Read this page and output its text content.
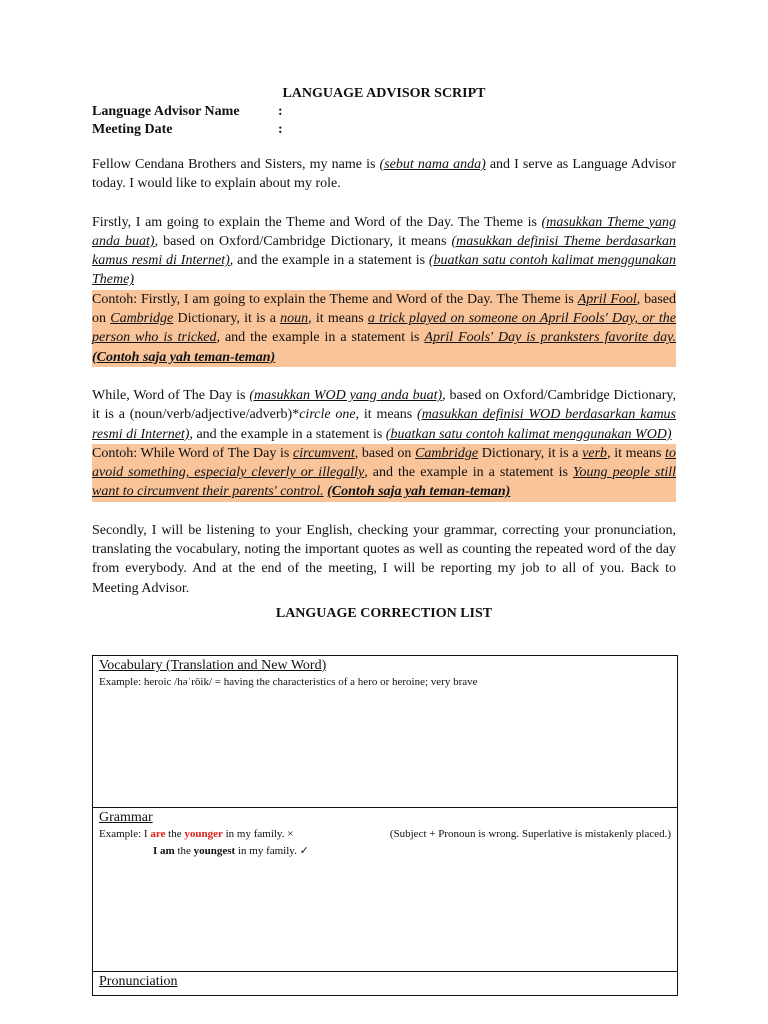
LANGUAGE ADVISOR SCRIPT
Language Advisor Name	:
Meeting Date	:

Fellow Cendana Brothers and Sisters, my name is (sebut nama anda) and I serve as Language Advisor today. I would like to explain about my role.

Firstly, I am going to explain the Theme and Word of the Day. The Theme is (masukkan Theme yang anda buat), based on Oxford/Cambridge Dictionary, it means (masukkan definisi Theme berdasarkan kamus resmi di Internet), and the example in a statement is (buatkan satu contoh kalimat menggunakan Theme)

Contoh: Firstly, I am going to explain the Theme and Word of the Day. The Theme is April Fool, based on Cambridge Dictionary, it is a noun, it means a trick played on someone on April Fools' Day, or the person who is tricked, and the example in a statement is April Fools' Day is pranksters favorite day. (Contoh saja yah teman-teman)

While, Word of The Day is (masukkan WOD yang anda buat), based on Oxford/Cambridge Dictionary, it is a (noun/verb/adjective/adverb)*circle one, it means (masukkan definisi WOD berdasarkan kamus resmi di Internet), and the example in a statement is (buatkan satu contoh kalimat menggunakan WOD)

Contoh: While Word of The Day is circumvent, based on Cambridge Dictionary, it is a verb, it means to avoid something, especialy cleverly or illegally, and the example in a statement is Young people still want to circumvent their parents' control. (Contoh saja yah teman-teman)

Secondly, I will be listening to your English, checking your grammar, correcting your pronunciation, translating the vocabulary, noting the important quotes as well as counting the repeated word of the day from everybody. And at the end of the meeting, I will be reporting my job to all of you. Back to Meeting Advisor.

LANGUAGE CORRECTION LIST
Vocabulary (Translation and New Word)
Example: heroic /həˈrōik/ = having the characteristics of a hero or heroine; very brave
Grammar
Example: I are the younger in my family. ×	(Subject + Pronoun is wrong. Superlative is mistakenly placed.)
I am the youngest in my family. ✓
Pronunciation
